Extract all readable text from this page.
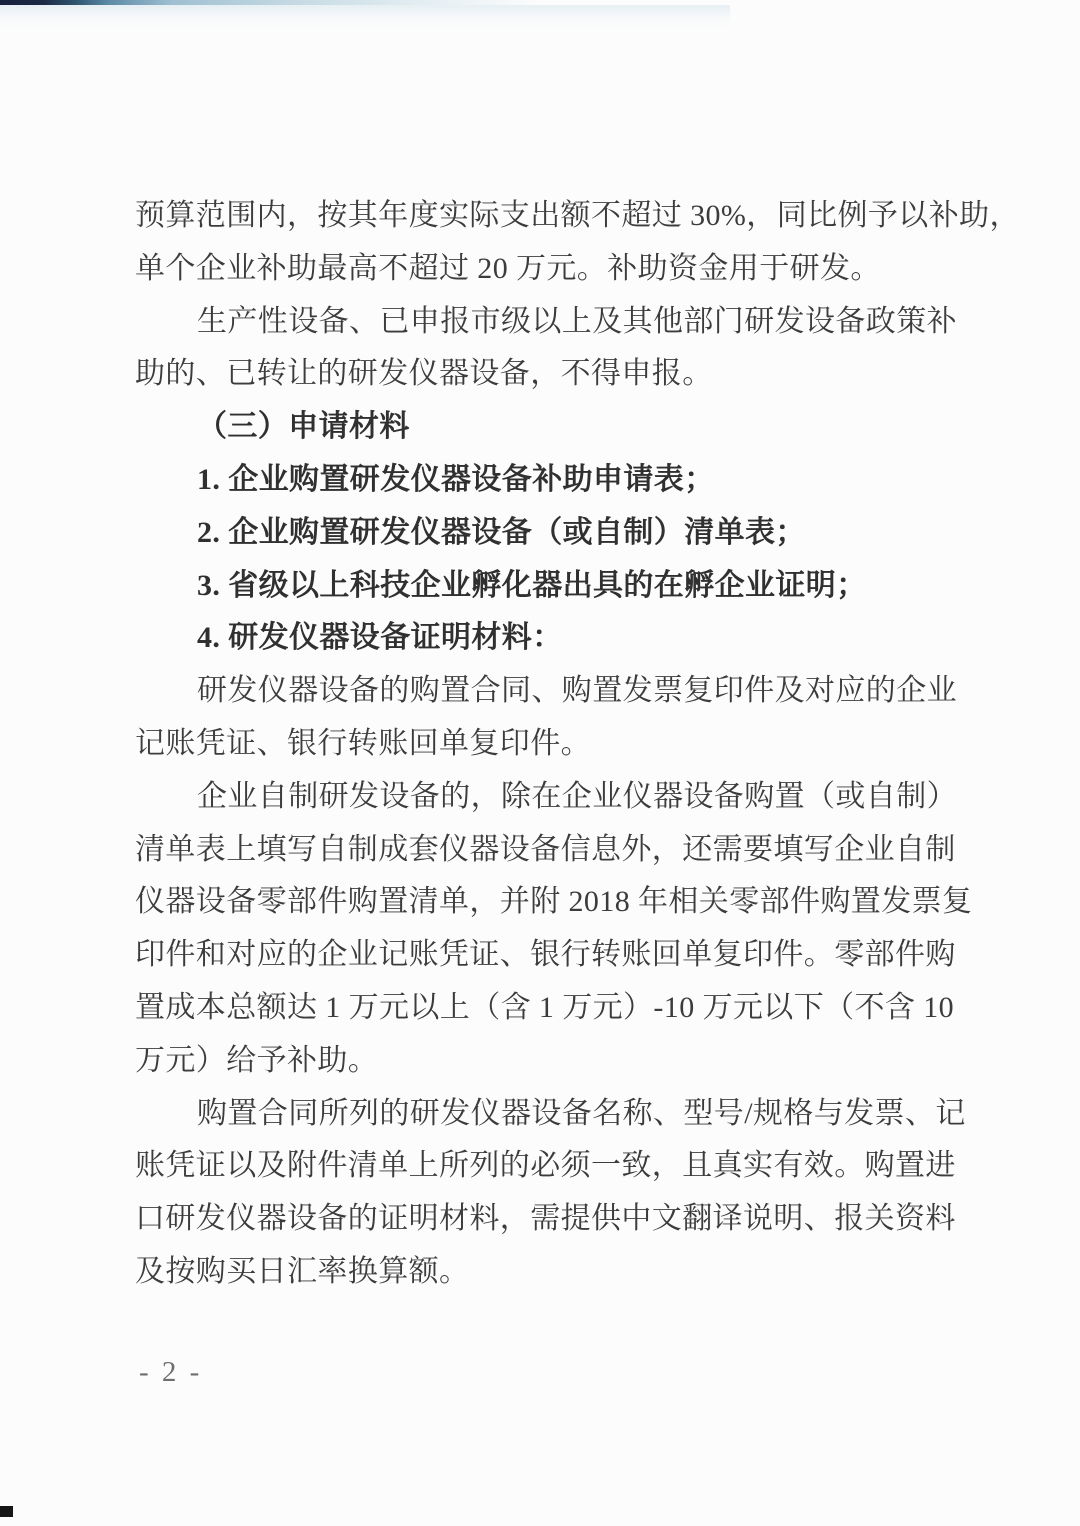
预算范围内，按其年度实际支出额不超过 30%，同比例予以补助，
单个企业补助最高不超过 20 万元。补助资金用于研发。
生产性设备、已申报市级以上及其他部门研发设备政策补
助的、已转让的研发仪器设备，不得申报。
（三）申请材料
1. 企业购置研发仪器设备补助申请表；
2. 企业购置研发仪器设备（或自制）清单表；
3. 省级以上科技企业孵化器出具的在孵企业证明；
4. 研发仪器设备证明材料：
研发仪器设备的购置合同、购置发票复印件及对应的企业
记账凭证、银行转账回单复印件。
企业自制研发设备的，除在企业仪器设备购置（或自制）
清单表上填写自制成套仪器设备信息外，还需要填写企业自制
仪器设备零部件购置清单，并附 2018 年相关零部件购置发票复
印件和对应的企业记账凭证、银行转账回单复印件。零部件购
置成本总额达 1 万元以上（含 1 万元）-10 万元以下（不含 10
万元）给予补助。
购置合同所列的研发仪器设备名称、型号/规格与发票、记
账凭证以及附件清单上所列的必须一致，且真实有效。购置进
口研发仪器设备的证明材料，需提供中文翻译说明、报关资料
及按购买日汇率换算额。
- 2 -
